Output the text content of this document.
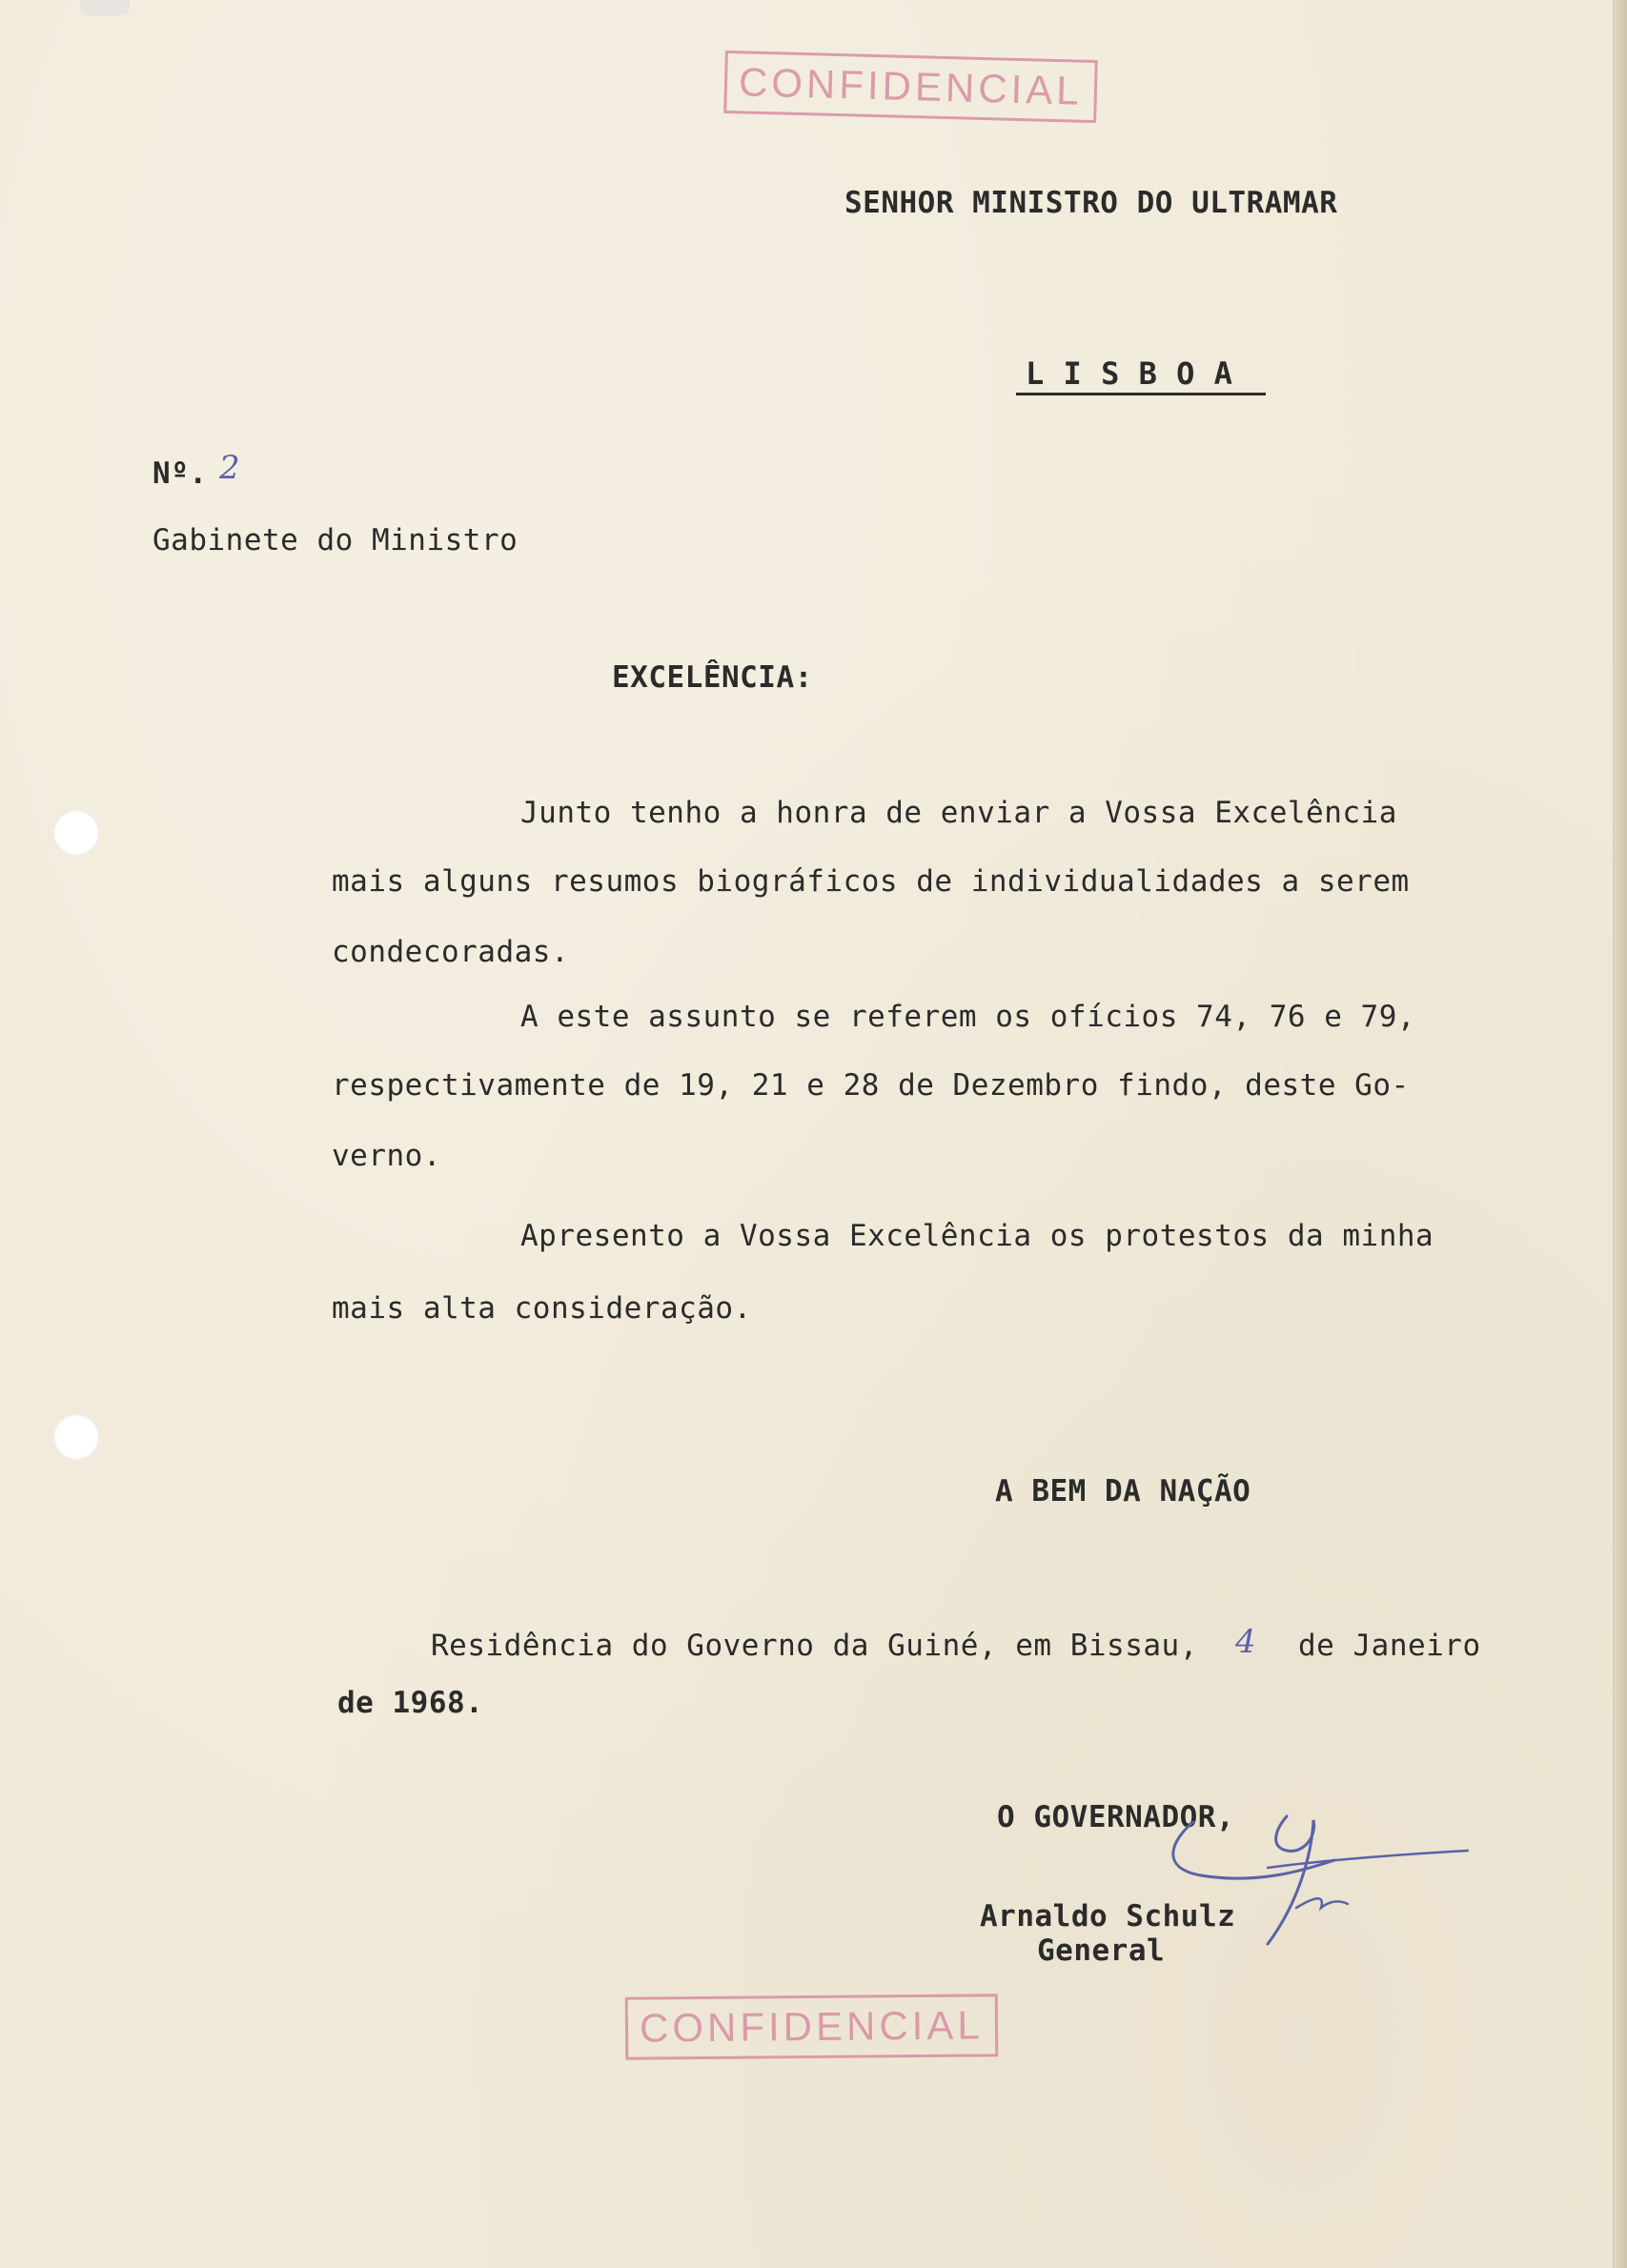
CONFIDENCIAL

SENHOR MINISTRO DO ULTRAMAR

L I S B O A

Nº. 2

Gabinete do Ministro

EXCELÊNCIA:

Junto tenho a honra de enviar a Vossa Excelência

mais alguns resumos biográficos de individualidades a serem

condecoradas.

A este assunto se referem os ofícios 74, 76 e 79,

respectivamente de 19, 21 e 28 de Dezembro findo, deste Go-

verno.

Apresento a Vossa Excelência os protestos da minha

mais alta consideração.

A BEM DA NAÇÃO

Residência do Governo da Guiné, em Bissau, 4 de Janeiro

de 1968.

O GOVERNADOR,

Arnaldo Schulz

General

CONFIDENCIAL
